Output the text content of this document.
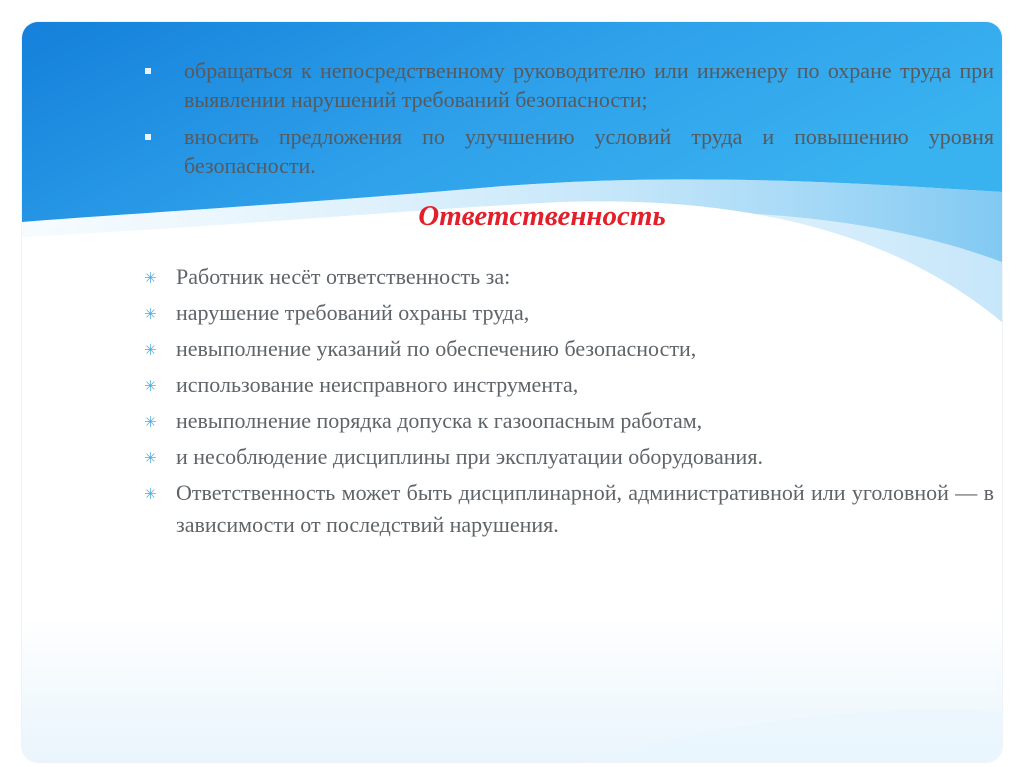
обращаться к непосредственному руководителю или инженеру по охране труда при выявлении нарушений требований безопасности;
вносить предложения по улучшению условий труда и повышению уровня безопасности.
Ответственность
✳ Работник несёт ответственность за:
✳ нарушение требований охраны труда,
✳ невыполнение указаний по обеспечению безопасности,
✳ использование неисправного инструмента,
✳ невыполнение порядка допуска к газоопасным работам,
✳ и несоблюдение дисциплины при эксплуатации оборудования.
✳ Ответственность может быть дисциплинарной, административной или уголовной — в зависимости от последствий нарушения.
